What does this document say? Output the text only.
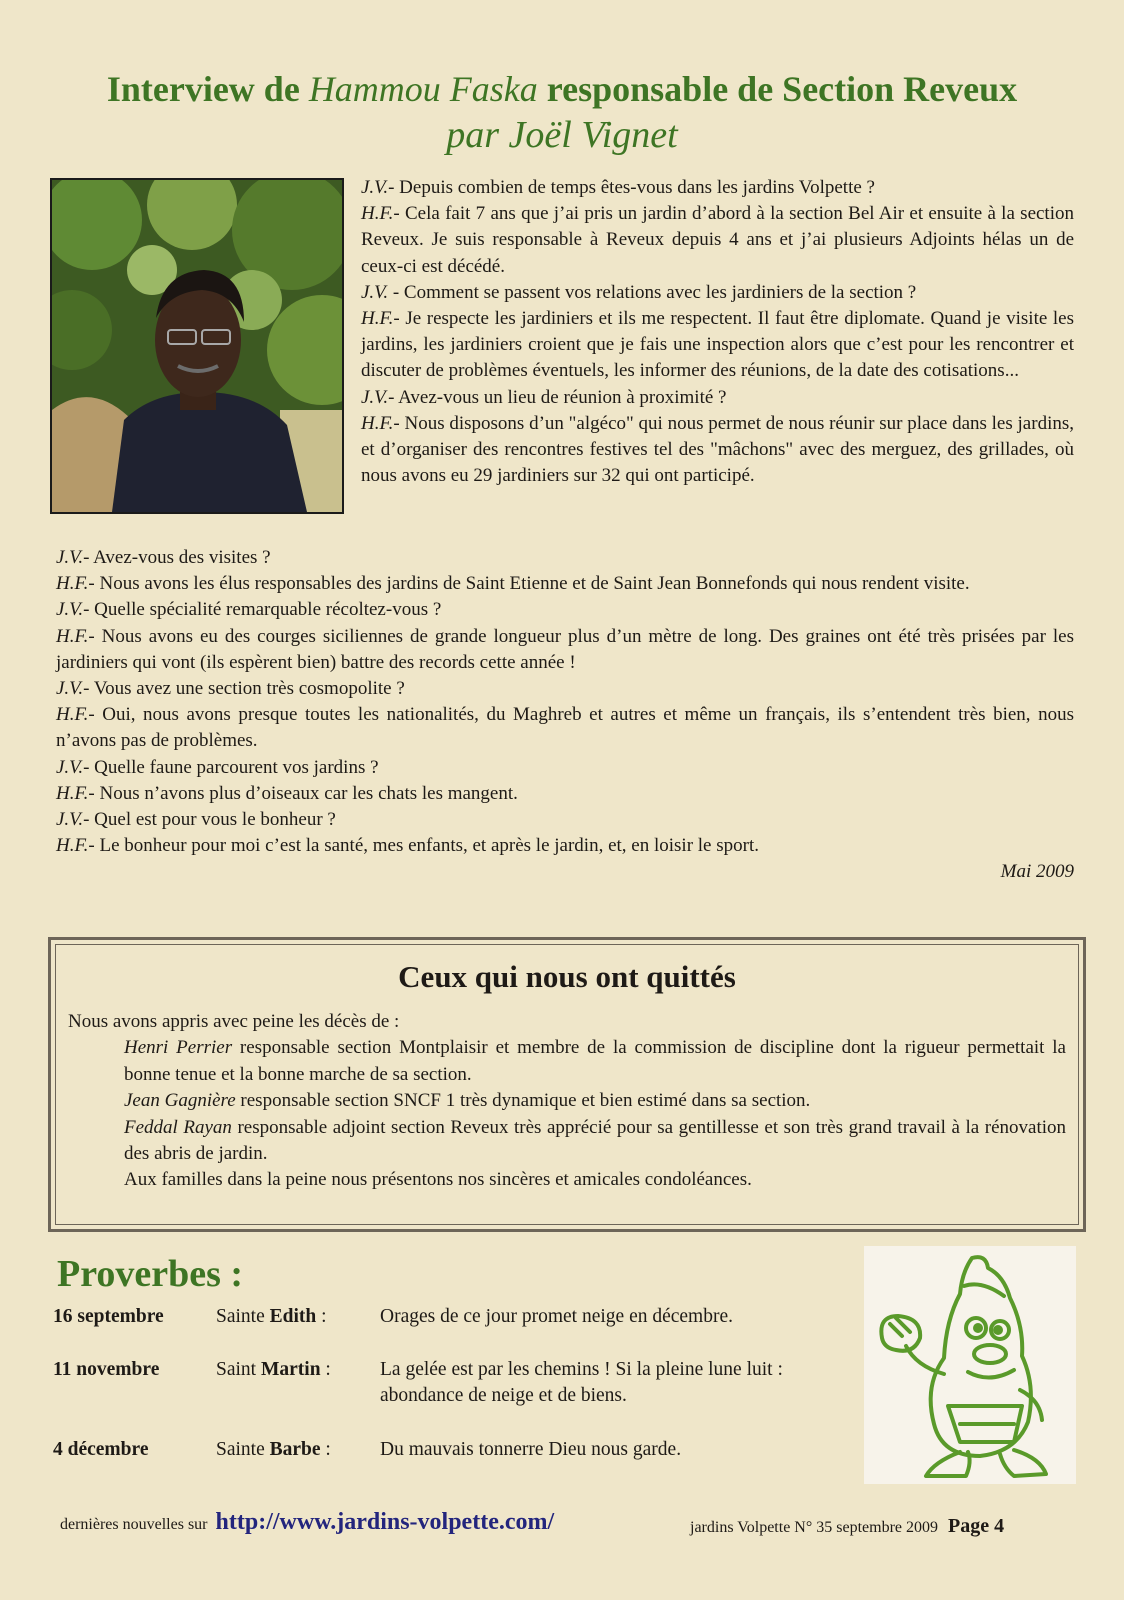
Interview de Hammou Faska responsable de Section Reveux
par Joël Vignet

J.V.- Depuis combien de temps êtes-vous dans les jardins Volpette ?

H.F.- Cela fait 7 ans que j’ai pris un jardin d’abord à la section Bel Air et ensuite à la section Reveux. Je suis responsable à Reveux depuis 4 ans et j’ai plusieurs Adjoints hélas un de ceux-ci est décédé.

J.V. - Comment se passent vos relations avec les jardiniers de la section ?

H.F.- Je respecte les jardiniers et ils me respectent. Il faut être diplomate. Quand je visite les jardins, les jardiniers croient que je fais une inspection alors que c’est pour les rencontrer et discuter de problèmes éventuels, les informer des réunions, de la date des cotisations...

J.V.- Avez-vous un lieu de réunion à proximité ?

H.F.- Nous disposons d’un "algéco" qui nous permet de nous réunir sur place dans les jardins, et d’organiser des rencontres festives tel des "mâchons" avec des merguez, des grillades, où nous avons eu 29 jardiniers sur 32 qui ont participé.

J.V.- Avez-vous des visites ?

H.F.- Nous avons les élus responsables des jardins de Saint Etienne et de Saint Jean Bonnefonds qui nous rendent visite.

J.V.- Quelle spécialité remarquable récoltez-vous ?

H.F.- Nous avons eu des courges siciliennes de grande longueur plus d’un mètre de long. Des graines ont été très prisées par les jardiniers qui vont (ils espèrent bien) battre des records cette année !

J.V.- Vous avez une section très cosmopolite ?

H.F.- Oui, nous avons presque toutes les nationalités, du Maghreb et autres et même un français, ils s’entendent très bien, nous n’avons pas de problèmes.

J.V.- Quelle faune parcourent vos jardins ?

H.F.- Nous n’avons plus d’oiseaux car les chats les mangent.

J.V.- Quel est pour vous le bonheur ?

H.F.- Le bonheur pour moi c’est la santé, mes enfants, et après le jardin, et, en loisir le sport.

Mai 2009

Ceux qui nous ont quittés

Nous avons appris avec peine les décès de :

Henri Perrier responsable section Montplaisir et membre de la commission de discipline dont la rigueur permettait la bonne tenue et la bonne marche de sa section.

Jean Gagnière responsable section SNCF 1 très dynamique et bien estimé dans sa section.

Feddal Rayan responsable adjoint section Reveux très apprécié pour sa gentillesse et son très grand travail à la rénovation des abris de jardin.

Aux familles dans la peine nous présentons nos sincères et amicales condoléances.

Proverbes :
16 septembre	Sainte Edith :	Orages de ce jour promet neige en décembre.
11 novembre	Saint Martin :	La gelée est par les chemins ! Si la pleine lune luit : abondance de neige et de biens.
4 décembre	Sainte Barbe :	Du mauvais tonnerre Dieu nous garde.
dernières nouvelles sur http://www.jardins-volpette.com/	jardins Volpette N° 35 septembre 2009 Page 4
